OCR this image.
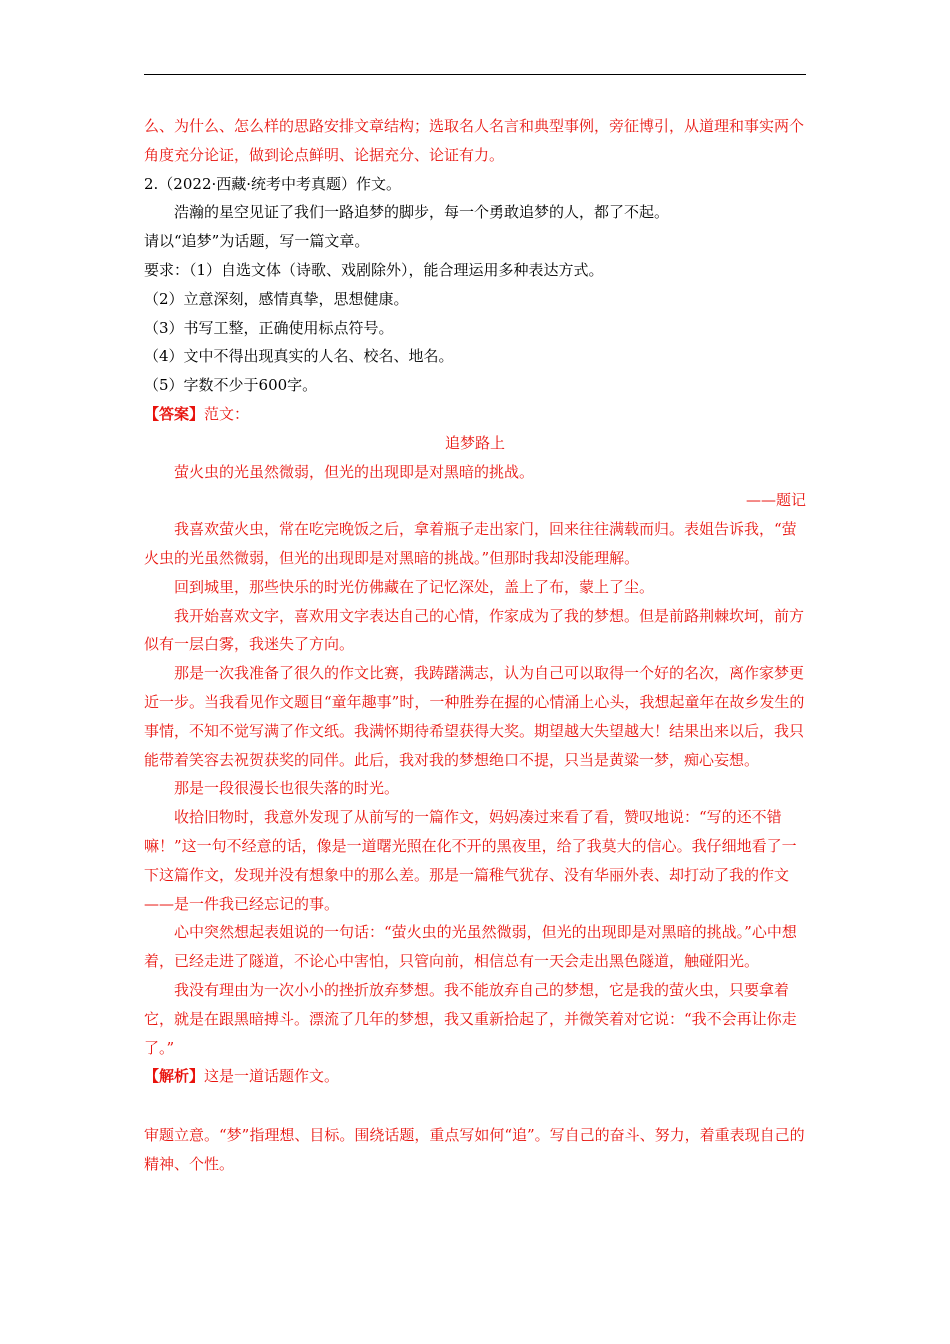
么、为什么、怎么样的思路安排文章结构；选取名人名言和典型事例，旁征博引，从道理和事实两个角度充分论证，做到论点鲜明、论据充分、论证有力。

2.（2022·西藏·统考中考真题）作文。

浩瀚的星空见证了我们一路追梦的脚步，每一个勇敢追梦的人，都了不起。

请以“追梦”为话题，写一篇文章。

要求：（1）自选文体（诗歌、戏剧除外），能合理运用多种表达方式。

（2）立意深刻，感情真挚，思想健康。

（3）书写工整，正确使用标点符号。

（4）文中不得出现真实的人名、校名、地名。

（5）字数不少于600字。

【答案】范文：

追梦路上

萤火虫的光虽然微弱，但光的出现即是对黑暗的挑战。

——题记

我喜欢萤火虫，常在吃完晚饭之后，拿着瓶子走出家门，回来往往满载而归。表姐告诉我，“萤火虫的光虽然微弱，但光的出现即是对黑暗的挑战。”但那时我却没能理解。

回到城里，那些快乐的时光仿佛藏在了记忆深处，盖上了布，蒙上了尘。

我开始喜欢文字，喜欢用文字表达自己的心情，作家成为了我的梦想。但是前路荆棘坎坷，前方似有一层白雾，我迷失了方向。

那是一次我准备了很久的作文比赛，我踌躇满志，认为自己可以取得一个好的名次，离作家梦更近一步。当我看见作文题目“童年趣事”时，一种胜券在握的心情涌上心头，我想起童年在故乡发生的事情，不知不觉写满了作文纸。我满怀期待希望获得大奖。期望越大失望越大！结果出来以后，我只能带着笑容去祝贺获奖的同伴。此后，我对我的梦想绝口不提，只当是黄粱一梦，痴心妄想。

那是一段很漫长也很失落的时光。

收拾旧物时，我意外发现了从前写的一篇作文，妈妈凑过来看了看，赞叹地说：“写的还不错嘛！”这一句不经意的话，像是一道曙光照在化不开的黑夜里，给了我莫大的信心。我仔细地看了一下这篇作文，发现并没有想象中的那么差。那是一篇稚气犹存、没有华丽外表、却打动了我的作文——是一件我已经忘记的事。

心中突然想起表姐说的一句话：“萤火虫的光虽然微弱，但光的出现即是对黑暗的挑战。”心中想着，已经走进了隧道，不论心中害怕，只管向前，相信总有一天会走出黑色隧道，触碰阳光。

我没有理由为一次小小的挫折放弃梦想。我不能放弃自己的梦想，它是我的萤火虫，只要拿着它，就是在跟黑暗搏斗。漂流了几年的梦想，我又重新拾起了，并微笑着对它说：“我不会再让你走了。”

【解析】这是一道话题作文。

审题立意。“梦”指理想、目标。围绕话题，重点写如何“追”。写自己的奋斗、努力，着重表现自己的精神、个性。
